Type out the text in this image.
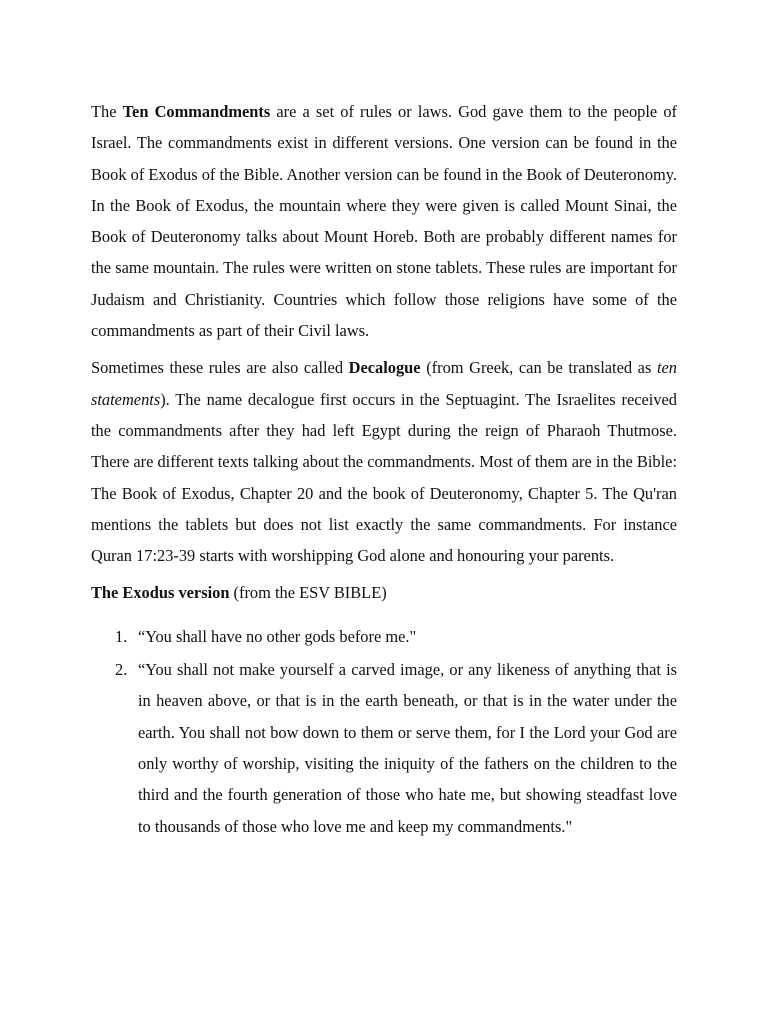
The Ten Commandments are a set of rules or laws. God gave them to the people of Israel. The commandments exist in different versions. One version can be found in the Book of Exodus of the Bible. Another version can be found in the Book of Deuteronomy. In the Book of Exodus, the mountain where they were given is called Mount Sinai, the Book of Deuteronomy talks about Mount Horeb. Both are probably different names for the same mountain. The rules were written on stone tablets. These rules are important for Judaism and Christianity. Countries which follow those religions have some of the commandments as part of their Civil laws.

Sometimes these rules are also called Decalogue (from Greek, can be translated as ten statements). The name decalogue first occurs in the Septuagint. The Israelites received the commandments after they had left Egypt during the reign of Pharaoh Thutmose. There are different texts talking about the commandments. Most of them are in the Bible: The Book of Exodus, Chapter 20 and the book of Deuteronomy, Chapter 5. The Qu'ran mentions the tablets but does not list exactly the same commandments. For instance Quran 17:23-39 starts with worshipping God alone and honouring your parents.

The Exodus version (from the ESV BIBLE)

1. “You shall have no other gods before me."
2. “You shall not make yourself a carved image, or any likeness of anything that is in heaven above, or that is in the earth beneath, or that is in the water under the earth. You shall not bow down to them or serve them, for I the Lord your God are only worthy of worship, visiting the iniquity of the fathers on the children to the third and the fourth generation of those who hate me, but showing steadfast love to thousands of those who love me and keep my commandments."
